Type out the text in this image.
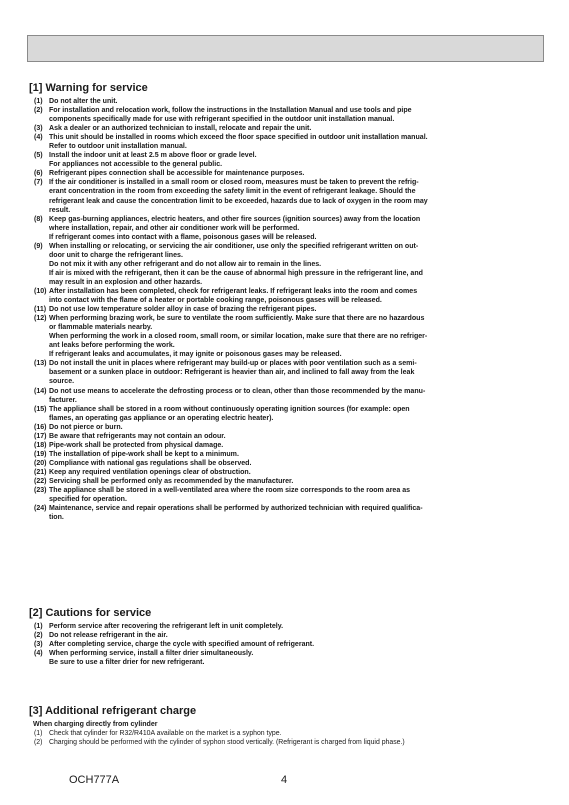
[1] Warning for service
(1) Do not alter the unit.
(2) For installation and relocation work, follow the instructions in the Installation Manual and use tools and pipe
components specifically made for use with refrigerant specified in the outdoor unit installation manual.
(3) Ask a dealer or an authorized technician to install, relocate and repair the unit.
(4) This unit should be installed in rooms which exceed the floor space specified in outdoor unit installation manual.
Refer to outdoor unit installation manual.
(5) Install the indoor unit at least 2.5 m above floor or grade level.
For appliances not accessible to the general public.
(6) Refrigerant pipes connection shall be accessible for maintenance purposes.
(7) If the air conditioner is installed in a small room or closed room, measures must be taken to prevent the refrig-
erant concentration in the room from exceeding the safety limit in the event of refrigerant leakage. Should the
refrigerant leak and cause the concentration limit to be exceeded, hazards due to lack of oxygen in the room may
result.
(8) Keep gas-burning appliances, electric heaters, and other fire sources (ignition sources) away from the location
where installation, repair, and other air conditioner work will be performed.
If refrigerant comes into contact with a flame, poisonous gases will be released.
(9) When installing or relocating, or servicing the air conditioner, use only the specified refrigerant written on out-
door unit to charge the refrigerant lines.
Do not mix it with any other refrigerant and do not allow air to remain in the lines.
If air is mixed with the refrigerant, then it can be the cause of abnormal high pressure in the refrigerant line, and
may result in an explosion and other hazards.
(10) After installation has been completed, check for refrigerant leaks. If refrigerant leaks into the room and comes
into contact with the flame of a heater or portable cooking range, poisonous gases will be released.
(11) Do not use low temperature solder alloy in case of brazing the refrigerant pipes.
(12) When performing brazing work, be sure to ventilate the room sufficiently. Make sure that there are no hazardous
or flammable materials nearby.
When performing the work in a closed room, small room, or similar location, make sure that there are no refriger-
ant leaks before performing the work.
If refrigerant leaks and accumulates, it may ignite or poisonous gases may be released.
(13) Do not install the unit in places where refrigerant may build-up or places with poor ventilation such as a semi-
basement or a sunken place in outdoor: Refrigerant is heavier than air, and inclined to fall away from the leak
source.
(14) Do not use means to accelerate the defrosting process or to clean, other than those recommended by the manu-
facturer.
(15) The appliance shall be stored in a room without continuously operating ignition sources (for example: open
flames, an operating gas appliance or an operating electric heater).
(16) Do not pierce or burn.
(17) Be aware that refrigerants may not contain an odour.
(18) Pipe-work shall be protected from physical damage.
(19) The installation of pipe-work shall be kept to a minimum.
(20) Compliance with national gas regulations shall be observed.
(21) Keep any required ventilation openings clear of obstruction.
(22) Servicing shall be performed only as recommended by the manufacturer.
(23) The appliance shall be stored in a well-ventilated area where the room size corresponds to the room area as
specified for operation.
(24) Maintenance, service and repair operations shall be performed by authorized technician with required qualifica-
tion.
[2] Cautions for service
(1) Perform service after recovering the refrigerant left in unit completely.
(2) Do not release refrigerant in the air.
(3) After completing service, charge the cycle with specified amount of refrigerant.
(4) When performing service, install a filter drier simultaneously.
Be sure to use a filter drier for new refrigerant.
[3] Additional refrigerant charge
When charging directly from cylinder
(1) Check that cylinder for R32/R410A available on the market is a syphon type.
(2) Charging should be performed with the cylinder of syphon stood vertically. (Refrigerant is charged from liquid phase.)
OCH777A	4
